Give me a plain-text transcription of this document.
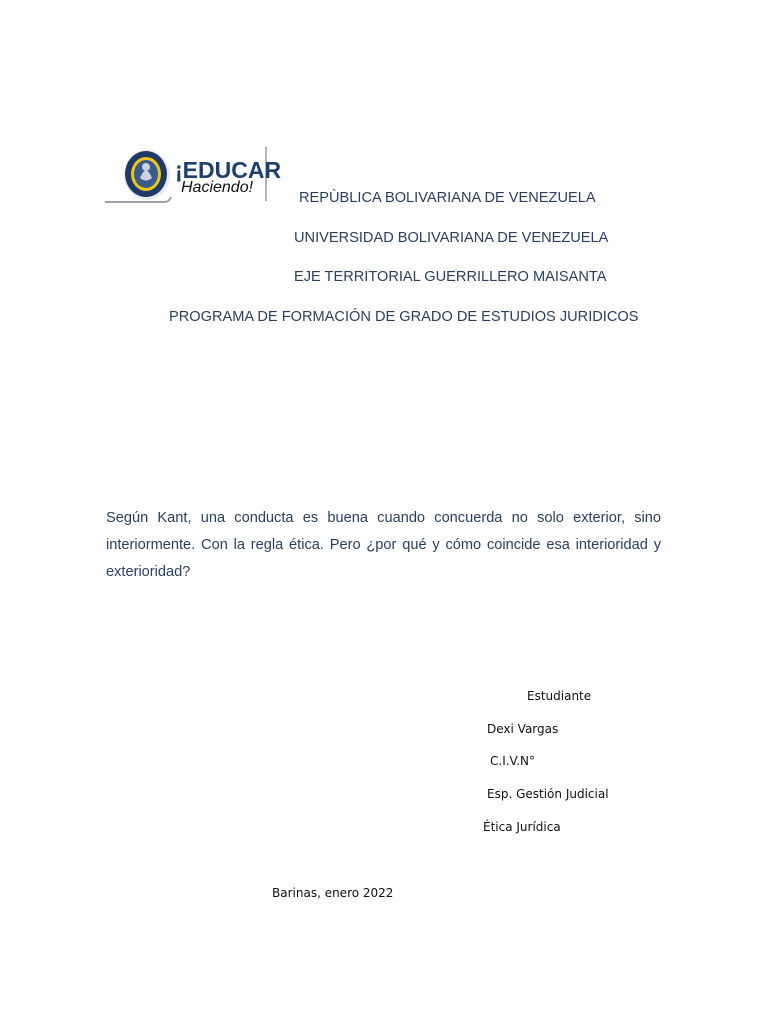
¡EDUCAR
Haciendo!
REPÙBLICA BOLIVARIANA DE VENEZUELA
UNIVERSIDAD BOLIVARIANA DE VENEZUELA
EJE TERRITORIAL GUERRILLERO MAISANTA
PROGRAMA DE FORMACIÓN DE GRADO DE ESTUDIOS JURIDICOS

Según Kant, una conducta es buena cuando concuerda no solo exterior, sino interiormente. Con la regla ética. Pero ¿por qué y cómo coincide esa interioridad y exterioridad?

Estudiante
Dexi Vargas
C.I.V.N°
Esp. Gestión Judicial
Ética Jurídica
Barinas, enero 2022
